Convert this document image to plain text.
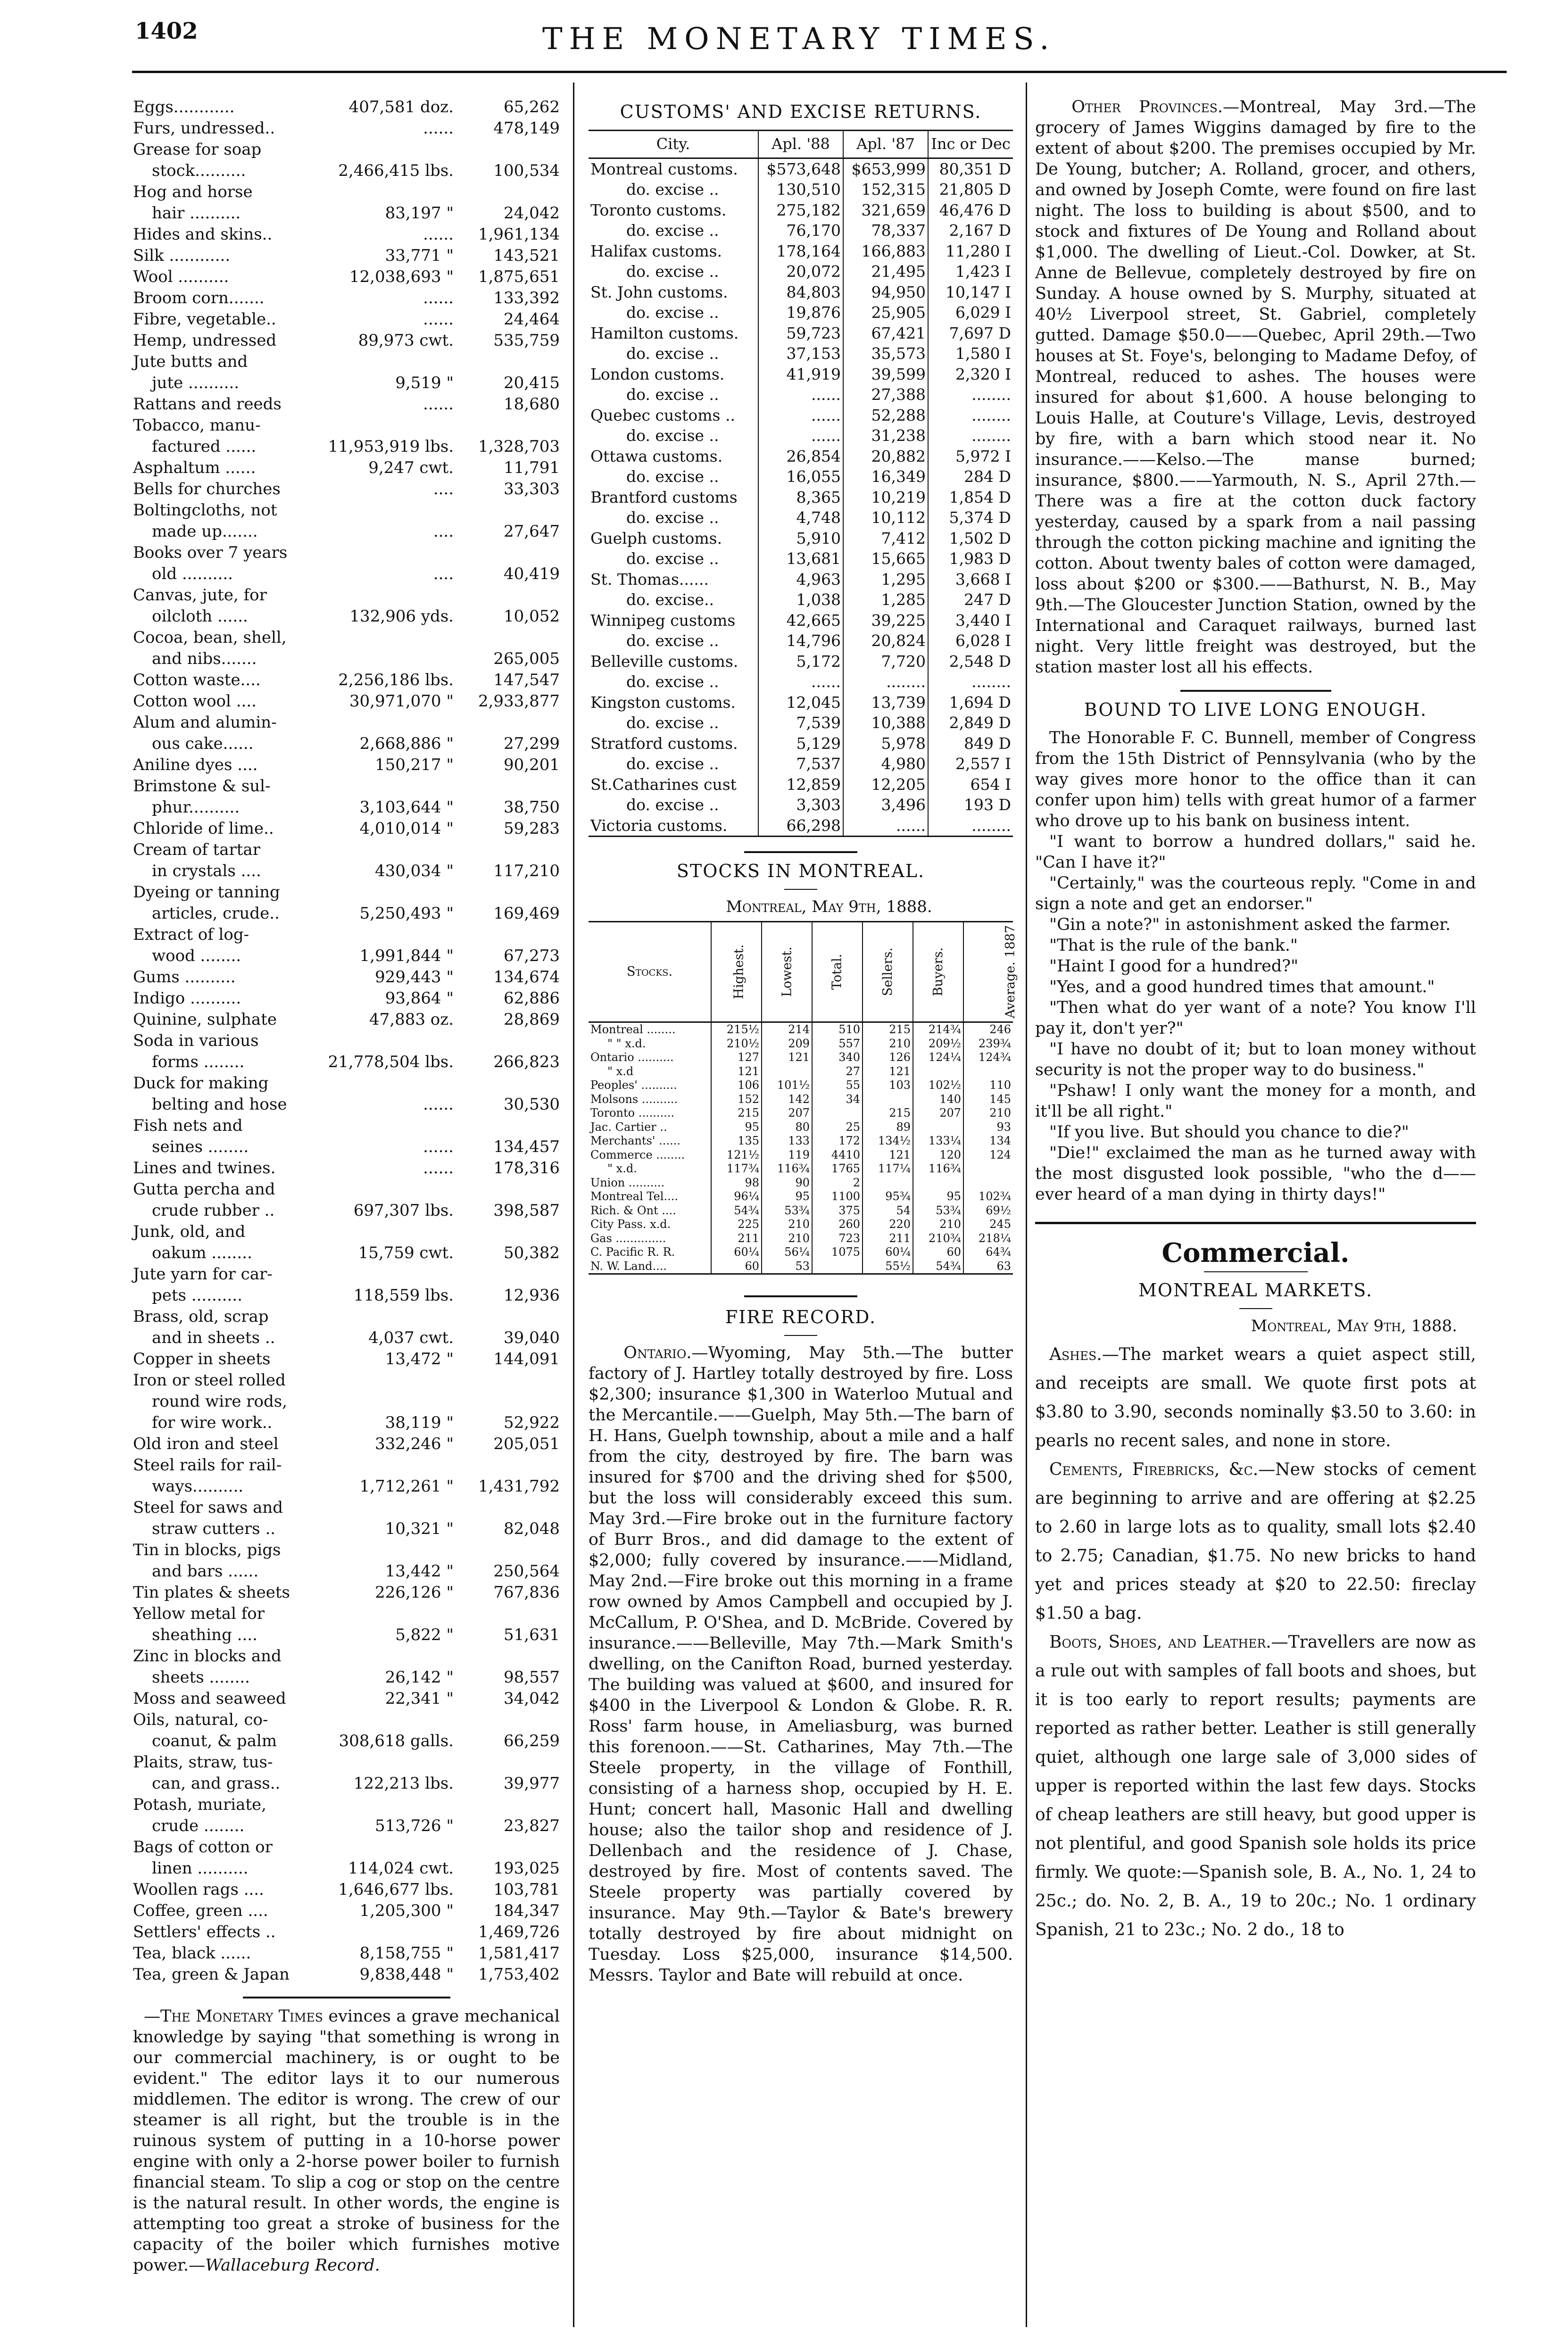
1402	THE MONETARY TIMES.
Eggs............	407,581 doz.	65,262
Furs, undressed..	......	478,149
Grease for soap		
stock..........	2,466,415 lbs.	100,534
Hog and horse		
hair ..........	83,197 "	24,042
Hides and skins..	......	1,961,134
Silk ............	33,771 "	143,521
Wool ..........	12,038,693 "	1,875,651
Broom corn.......	......	133,392
Fibre, vegetable..	......	24,464
Hemp, undressed	89,973 cwt.	535,759
Jute butts and		
jute ..........	9,519 "	20,415
Rattans and reeds	......	18,680
Tobacco, manu-		
factured ......	11,953,919 lbs.	1,328,703
Asphaltum ......	9,247 cwt.	11,791
Bells for churches	....	33,303
Boltingcloths, not		
made up.......	....	27,647
Books over 7 years		
old ..........	....	40,419
Canvas, jute, for		
oilcloth ......	132,906 yds.	10,052
Cocoa, bean, shell,		
and nibs.......		265,005
Cotton waste....	2,256,186 lbs.	147,547
Cotton wool ....	30,971,070 "	2,933,877
Alum and alumin-		
ous cake......	2,668,886 "	27,299
Aniline dyes ....	150,217 "	90,201
Brimstone & sul-		
phur..........	3,103,644 "	38,750
Chloride of lime..	4,010,014 "	59,283
Cream of tartar		
in crystals ....	430,034 "	117,210
Dyeing or tanning		
articles, crude..	5,250,493 "	169,469
Extract of log-		
wood ........	1,991,844 "	67,273
Gums ..........	929,443 "	134,674
Indigo ..........	93,864 "	62,886
Quinine, sulphate	47,883 oz.	28,869
Soda in various		
forms ........	21,778,504 lbs.	266,823
Duck for making		
belting and hose	......	30,530
Fish nets and		
seines ........	......	134,457
Lines and twines.	......	178,316
Gutta percha and		
crude rubber ..	697,307 lbs.	398,587
Junk, old, and		
oakum ........	15,759 cwt.	50,382
Jute yarn for car-		
pets ..........	118,559 lbs.	12,936
Brass, old, scrap		
and in sheets ..	4,037 cwt.	39,040
Copper in sheets	13,472 "	144,091
Iron or steel rolled		
round wire rods,		
for wire work..	38,119 "	52,922
Old iron and steel	332,246 "	205,051
Steel rails for rail-		
ways..........	1,712,261 "	1,431,792
Steel for saws and		
straw cutters ..	10,321 "	82,048
Tin in blocks, pigs		
and bars ......	13,442 "	250,564
Tin plates & sheets	226,126 "	767,836
Yellow metal for		
sheathing ....	5,822 "	51,631
Zinc in blocks and		
sheets ........	26,142 "	98,557
Moss and seaweed	22,341 "	34,042
Oils, natural, co-		
coanut, & palm	308,618 galls.	66,259
Plaits, straw, tus-		
can, and grass..	122,213 lbs.	39,977
Potash, muriate,		
crude ........	513,726 "	23,827
Bags of cotton or		
linen ..........	114,024 cwt.	193,025
Woollen rags ....	1,646,677 lbs.	103,781
Coffee, green ....	1,205,300 "	184,347
Settlers' effects ..		1,469,726
Tea, black ......	8,158,755 "	1,581,417
Tea, green & Japan	9,838,448 "	1,753,402
—The Monetary Times evinces a grave mechanical knowledge by saying "that something is wrong in our commercial machinery, is or ought to be evident." The editor lays it to our numerous middlemen. The editor is wrong. The crew of our steamer is all right, but the trouble is in the ruinous system of putting in a 10-horse power engine with only a 2-horse power boiler to furnish financial steam. To slip a cog or stop on the centre is the natural result. In other words, the engine is attempting too great a stroke of business for the capacity of the boiler which furnishes motive power.—Wallaceburg Record.
CUSTOMS' AND EXCISE RETURNS.
City.	Apl. '88	Apl. '87	Inc or Dec
Montreal customs.	$573,648	$653,999	80,351 D
do. excise ..	130,510	152,315	21,805 D
Toronto customs.	275,182	321,659	46,476 D
do. excise ..	76,170	78,337	2,167 D
Halifax customs.	178,164	166,883	11,280 I
do. excise ..	20,072	21,495	1,423 I
St. John customs.	84,803	94,950	10,147 I
do. excise ..	19,876	25,905	6,029 I
Hamilton customs.	59,723	67,421	7,697 D
do. excise ..	37,153	35,573	1,580 I
London customs.	41,919	39,599	2,320 I
do. excise ..	......	27,388	........
Quebec customs ..	......	52,288	........
do. excise ..	......	31,238	........
Ottawa customs.	26,854	20,882	5,972 I
do. excise ..	16,055	16,349	284 D
Brantford customs	8,365	10,219	1,854 D
do. excise ..	4,748	10,112	5,374 D
Guelph customs.	5,910	7,412	1,502 D
do. excise ..	13,681	15,665	1,983 D
St. Thomas......	4,963	1,295	3,668 I
do. excise..	1,038	1,285	247 D
Winnipeg customs	42,665	39,225	3,440 I
do. excise ..	14,796	20,824	6,028 I
Belleville customs.	5,172	7,720	2,548 D
do. excise ..	......	........	........
Kingston customs.	12,045	13,739	1,694 D
do. excise ..	7,539	10,388	2,849 D
Stratford customs.	5,129	5,978	849 D
do. excise ..	7,537	4,980	2,557 I
St.Catharines cust	12,859	12,205	654 I
do. excise ..	3,303	3,496	193 D
Victoria customs.	66,298	......	........
STOCKS IN MONTREAL.
Montreal, May 9th, 1888.
Stocks.	Highest.	Lowest.	Total.	Sellers.	Buyers.	Average. 1887
Montreal ........	215½	214	510	215	214¾	246
" " x.d.	210½	209	557	210	209½	239¾
Ontario ..........	127	121	340	126	124¼	124¾
" x.d	121		27	121		
Peoples' ..........	106	101½	55	103	102½	110
Molsons ..........	152	142	34		140	145
Toronto ..........	215	207		215	207	210
Jac. Cartier ..	95	80	25	89		93
Merchants' ......	135	133	172	134½	133¼	134
Commerce ........	121½	119	4410	121	120	124
" x.d.	117¾	116¾	1765	117¼	116¾	
Union ..........	98	90	2			
Montreal Tel....	96¼	95	1100	95¾	95	102¾
Rich. & Ont ....	54¾	53¾	375	54	53¾	69½
City Pass. x.d.	225	210	260	220	210	245
Gas ..............	211	210	723	211	210¾	218¼
C. Pacific R. R.	60¼	56¼	1075	60¼	60	64¾
N. W. Land....	60	53		55½	54¾	63
FIRE RECORD.
Ontario.—Wyoming, May 5th.—The butter factory of J. Hartley totally destroyed by fire. Loss $2,300; insurance $1,300 in Waterloo Mutual and the Mercantile.——Guelph, May 5th.—The barn of H. Hans, Guelph township, about a mile and a half from the city, destroyed by fire. The barn was insured for $700 and the driving shed for $500, but the loss will considerably exceed this sum. May 3rd.—Fire broke out in the furniture factory of Burr Bros., and did damage to the extent of $2,000; fully covered by insurance.——Midland, May 2nd.—Fire broke out this morning in a frame row owned by Amos Campbell and occupied by J. McCallum, P. O'Shea, and D. McBride. Covered by insurance.——Belleville, May 7th.—Mark Smith's dwelling, on the Canifton Road, burned yesterday. The building was valued at $600, and insured for $400 in the Liverpool & London & Globe. R. R. Ross' farm house, in Ameliasburg, was burned this forenoon.——St. Catharines, May 7th.—The Steele property, in the village of Fonthill, consisting of a harness shop, occupied by H. E. Hunt; concert hall, Masonic Hall and dwelling house; also the tailor shop and residence of J. Dellenbach and the residence of J. Chase, destroyed by fire. Most of contents saved. The Steele property was partially covered by insurance. May 9th.—Taylor & Bate's brewery totally destroyed by fire about midnight on Tuesday. Loss $25,000, insurance $14,500. Messrs. Taylor and Bate will rebuild at once.
Other Provinces.—Montreal, May 3rd.—The grocery of James Wiggins damaged by fire to the extent of about $200. The premises occupied by Mr. De Young, butcher; A. Rolland, grocer, and others, and owned by Joseph Comte, were found on fire last night. The loss to building is about $500, and to stock and fixtures of De Young and Rolland about $1,000. The dwelling of Lieut.-Col. Dowker, at St. Anne de Bellevue, completely destroyed by fire on Sunday. A house owned by S. Murphy, situated at 40½ Liverpool street, St. Gabriel, completely gutted. Damage $50.0——Quebec, April 29th.—Two houses at St. Foye's, belonging to Madame Defoy, of Montreal, reduced to ashes. The houses were insured for about $1,600. A house belonging to Louis Halle, at Couture's Village, Levis, destroyed by fire, with a barn which stood near it. No insurance.——Kelso.—The manse burned; insurance, $800.——Yarmouth, N. S., April 27th.—There was a fire at the cotton duck factory yesterday, caused by a spark from a nail passing through the cotton picking machine and igniting the cotton. About twenty bales of cotton were damaged, loss about $200 or $300.——Bathurst, N. B., May 9th.—The Gloucester Junction Station, owned by the International and Caraquet railways, burned last night. Very little freight was destroyed, but the station master lost all his effects.
BOUND TO LIVE LONG ENOUGH.
The Honorable F. C. Bunnell, member of Congress from the 15th District of Pennsylvania (who by the way gives more honor to the office than it can confer upon him) tells with great humor of a farmer who drove up to his bank on business intent.
"I want to borrow a hundred dollars," said he. "Can I have it?"
"Certainly," was the courteous reply. "Come in and sign a note and get an endorser."
"Gin a note?" in astonishment asked the farmer.
"That is the rule of the bank."
"Haint I good for a hundred?"
"Yes, and a good hundred times that amount."
"Then what do yer want of a note? You know I'll pay it, don't yer?"
"I have no doubt of it; but to loan money without security is not the proper way to do business."
"Pshaw! I only want the money for a month, and it'll be all right."
"If you live. But should you chance to die?"
"Die!" exclaimed the man as he turned away with the most disgusted look possible, "who the d—— ever heard of a man dying in thirty days!"
Commercial.
MONTREAL MARKETS.
Montreal, May 9th, 1888.
Ashes.—The market wears a quiet aspect still, and receipts are small. We quote first pots at $3.80 to 3.90, seconds nominally $3.50 to 3.60: in pearls no recent sales, and none in store.
Cements, Firebricks, &c.—New stocks of cement are beginning to arrive and are offering at $2.25 to 2.60 in large lots as to quality, small lots $2.40 to 2.75; Canadian, $1.75. No new bricks to hand yet and prices steady at $20 to 22.50: fireclay $1.50 a bag.
Boots, Shoes, and Leather.—Travellers are now as a rule out with samples of fall boots and shoes, but it is too early to report results; payments are reported as rather better. Leather is still generally quiet, although one large sale of 3,000 sides of upper is reported within the last few days. Stocks of cheap leathers are still heavy, but good upper is not plentiful, and good Spanish sole holds its price firmly. We quote:—Spanish sole, B. A., No. 1, 24 to 25c.; do. No. 2, B. A., 19 to 20c.; No. 1 ordinary Spanish, 21 to 23c.; No. 2 do., 18 to
